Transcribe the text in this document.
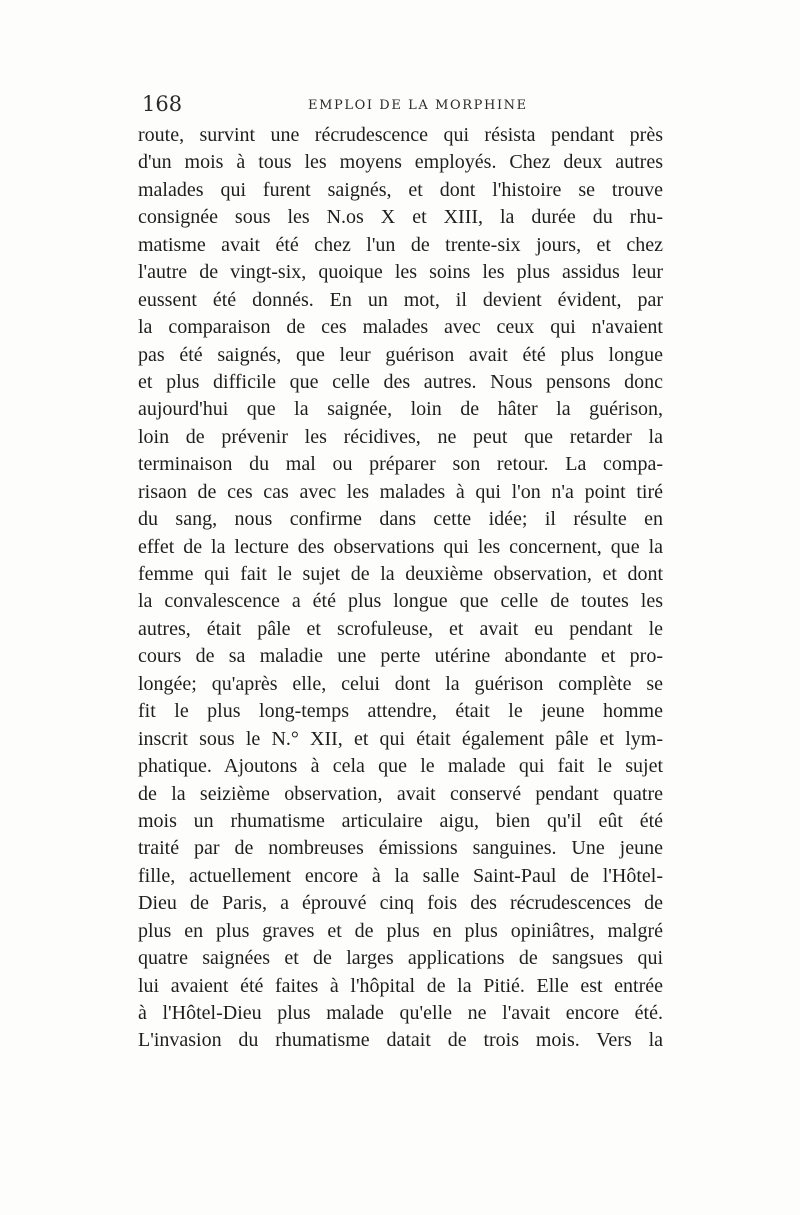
168	EMPLOI DE LA MORPHINE
route, survint une récrudescence qui résista pendant près
d'un mois à tous les moyens employés. Chez deux autres
malades qui furent saignés, et dont l'histoire se trouve
consignée sous les N.os X et XIII, la durée du rhu-
matisme avait été chez l'un de trente-six jours, et chez
l'autre de vingt-six, quoique les soins les plus assidus leur
eussent été donnés. En un mot, il devient évident, par
la comparaison de ces malades avec ceux qui n'avaient
pas été saignés, que leur guérison avait été plus longue
et plus difficile que celle des autres. Nous pensons donc
aujourd'hui que la saignée, loin de hâter la guérison,
loin de prévenir les récidives, ne peut que retarder la
terminaison du mal ou préparer son retour. La compa-
risaon de ces cas avec les malades à qui l'on n'a point tiré
du sang, nous confirme dans cette idée; il résulte en
effet de la lecture des observations qui les concernent, que la
femme qui fait le sujet de la deuxième observation, et dont
la convalescence a été plus longue que celle de toutes les
autres, était pâle et scrofuleuse, et avait eu pendant le
cours de sa maladie une perte utérine abondante et pro-
longée; qu'après elle, celui dont la guérison complète se
fit le plus long-temps attendre, était le jeune homme
inscrit sous le N.° XII, et qui était également pâle et lym-
phatique. Ajoutons à cela que le malade qui fait le sujet
de la seizième observation, avait conservé pendant quatre
mois un rhumatisme articulaire aigu, bien qu'il eût été
traité par de nombreuses émissions sanguines. Une jeune
fille, actuellement encore à la salle Saint-Paul de l'Hôtel-
Dieu de Paris, a éprouvé cinq fois des récrudescences de
plus en plus graves et de plus en plus opiniâtres, malgré
quatre saignées et de larges applications de sangsues qui
lui avaient été faites à l'hôpital de la Pitié. Elle est entrée
à l'Hôtel-Dieu plus malade qu'elle ne l'avait encore été.
L'invasion du rhumatisme datait de trois mois. Vers la
